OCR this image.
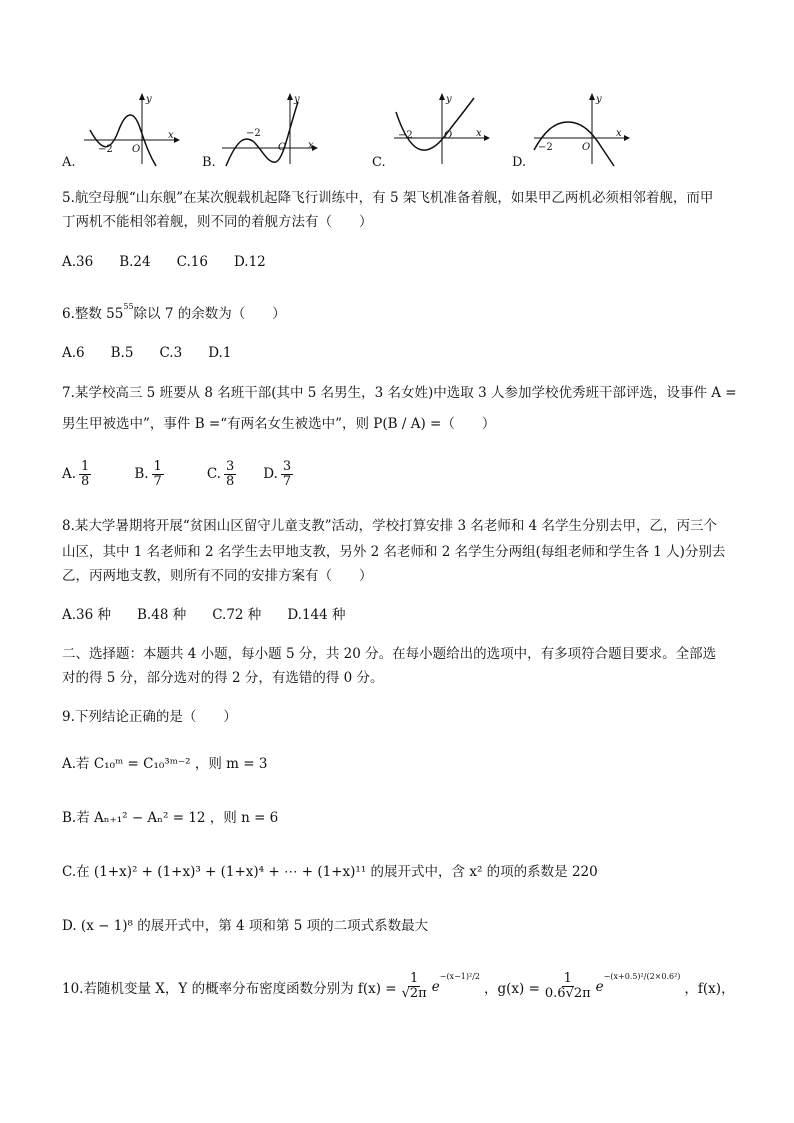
−2 O
x
y
A.
−2
O x
y
B.
−2	O x
y
C.
−2	O
x
y
D.
5.航空母舰“山东舰”在某次舰载机起降飞行训练中，有 5 架飞机准备着舰，如果甲乙两机必须相邻着舰，而甲
丁两机不能相邻着舰，则不同的着舰方法有（　　）
A.36 B.24 C.16 D.12
6.整数 $55^{55}$除以 7 的余数为（　　）
A.6 B.5 C.3 D.1
7.某学校高三 5 班要从 8 名班干部(其中 5 名男生，3 名女姓)中选取 3 人参加学校优秀班干部评选，设事件 A =
男生甲被选中”，事件 B =“有两名女生被选中”，则 P(B / A) =（　　）
A. $\frac{1}{8}$	B. $\frac{1}{7}$	C. $\frac{3}{8} D$. $\frac{3}{7}$
8.某大学暑期将开展“贫困山区留守儿童支教”活动，学校打算安排 3 名老师和 4 名学生分别去甲，乙，丙三个
山区，其中 1 名老师和 2 名学生去甲地支教，另外 2 名老师和 2 名学生分两组(每组老师和学生各 1 人)分别去
乙，丙两地支教，则所有不同的安排方案有（　　）
A.36 种 B.48 种 C.72 种 D.144 种
二、选择题：本题共 4 小题，每小题 5 分，共 20 分。在每小题给出的选项中，有多项符合题目要求。全部选
对的得 5 分，部分选对的得 2 分，有选错的得 0 分。
9.下列结论正确的是（　　）
A.若 C₁₀ᵐ = C₁₀³ᵐ⁻² ，则 m = 3
B.若 Aₙ₊₁² − Aₙ² = 12 ，则 n = 6
C.在 (1+x)² + (1+x)³ + (1+x)⁴ + ⋯ + (1+x)¹¹ 的展开式中，含 x² 的项的系数是 220
D. (x − 1)⁸ 的展开式中，第 4 项和第 5 项的二项式系数最大
10.若随机变量 X，Y 的概率分布密度函数分别为 $f(x) = \frac{1}{√2\pi}$ e
−(x−1)²/2
，$g(x) = \frac{1}{0.6√2\pi}$ e
−(x+0.5)²/(2×0.6²)
，f(x)，
